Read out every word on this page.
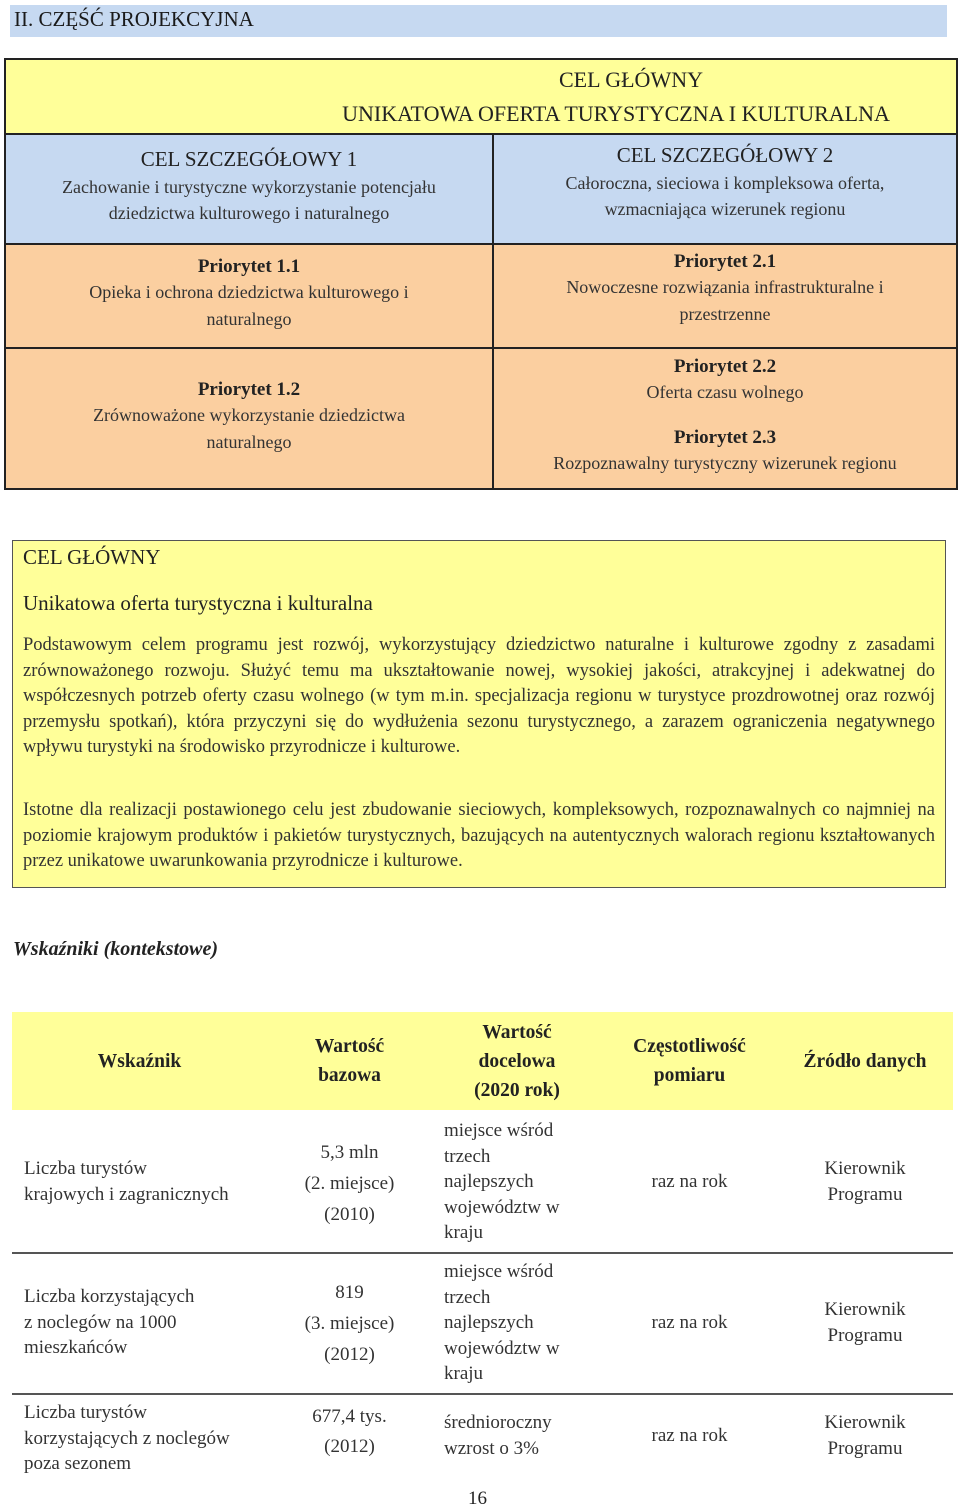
II. CZĘŚĆ PROJEKCYJNA
CEL GŁÓWNY
UNIKATOWA OFERTA TURYSTYCZNA I KULTURALNA
CEL SZCZEGÓŁOWY 1
Zachowanie i turystyczne wykorzystanie potencjału
dziedzictwa kulturowego i naturalnego
CEL SZCZEGÓŁOWY 2
Całoroczna, sieciowa i kompleksowa oferta,
wzmacniająca wizerunek regionu
Priorytet 1.1
Opieka i ochrona dziedzictwa kulturowego i
naturalnego
Priorytet 1.2
Zrównoważone wykorzystanie dziedzictwa
naturalnego
Priorytet 2.1
Nowoczesne rozwiązania infrastrukturalne i
przestrzenne
Priorytet 2.2
Oferta czasu wolnego
Priorytet 2.3
Rozpoznawalny turystyczny wizerunek regionu
CEL GŁÓWNY
Unikatowa oferta turystyczna i kulturalna
Podstawowym celem programu jest rozwój, wykorzystujący dziedzictwo naturalne i kulturowe zgodny z zasadami zrównoważonego rozwoju. Służyć temu ma ukształtowanie nowej, wysokiej jakości, atrakcyjnej i adekwatnej do współczesnych potrzeb oferty czasu wolnego (w tym m.in. specjalizacja regionu w turystyce prozdrowotnej oraz rozwój przemysłu spotkań), która przyczyni się do wydłużenia sezonu turystycznego, a zarazem ograniczenia negatywnego wpływu turystyki na środowisko przyrodnicze i kulturowe.
Istotne dla realizacji postawionego celu jest zbudowanie sieciowych, kompleksowych, rozpoznawalnych co najmniej na poziomie krajowym produktów i pakietów turystycznych, bazujących na autentycznych walorach regionu kształtowanych przez unikatowe uwarunkowania przyrodnicze i kulturowe.
Wskaźniki (kontekstowe)
Wskaźnik
Wartość
bazowa
Wartość
docelowa
(2020 rok)
Częstotliwość
pomiaru
Źródło danych
Liczba turystów
krajowych i zagranicznych
5,3 mln
(2. miejsce)
(2010)
miejsce wśród
trzech
najlepszych
województw w
kraju
raz na rok
Kierownik
Programu
Liczba korzystających
z noclegów na 1000
mieszkańców
819
(3. miejsce)
(2012)
miejsce wśród
trzech
najlepszych
województw w
kraju
raz na rok
Kierownik
Programu
Liczba turystów
korzystających z noclegów
poza sezonem
677,4 tys.
(2012)
średnioroczny
wzrost o 3%
raz na rok
Kierownik
Programu
16
